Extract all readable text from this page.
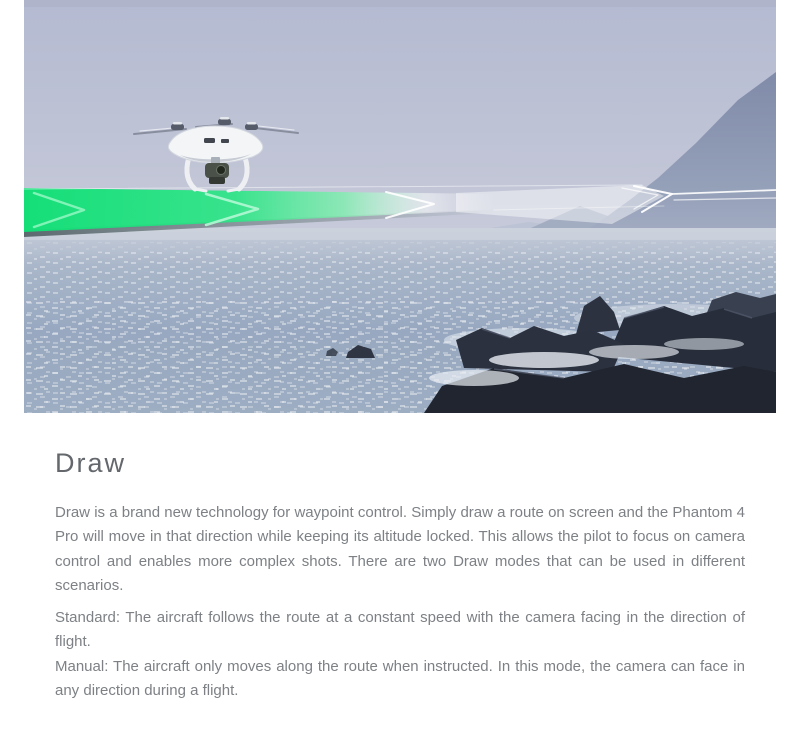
Draw

Draw is a brand new technology for waypoint control. Simply draw a route on screen and the Phantom 4 Pro will move in that direction while keeping its altitude locked. This allows the pilot to focus on camera control and enables more complex shots. There are two Draw modes that can be used in different scenarios.

Standard: The aircraft follows the route at a constant speed with the camera facing in the direction of flight.
Manual: The aircraft only moves along the route when instructed. In this mode, the camera can face in any direction during a flight.
